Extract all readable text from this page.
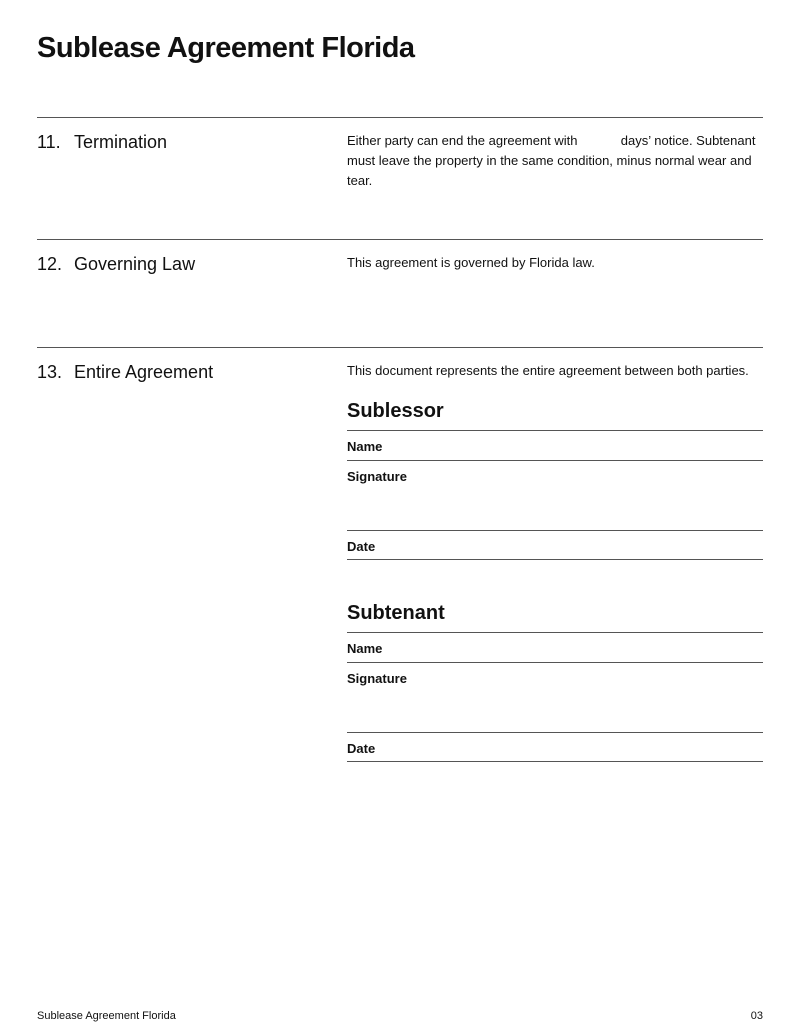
Sublease Agreement Florida
11. Termination	Either party can end the agreement with	days’ notice. Subtenant must leave the property in the same condition, minus normal wear and tear.

12. Governing Law	This agreement is governed by Florida law.

13. Entire Agreement	This document represents the entire agreement between both parties.

Sublessor
Name
Signature
Date
Subtenant
Name
Signature
Date
Sublease Agreement Florida	03
